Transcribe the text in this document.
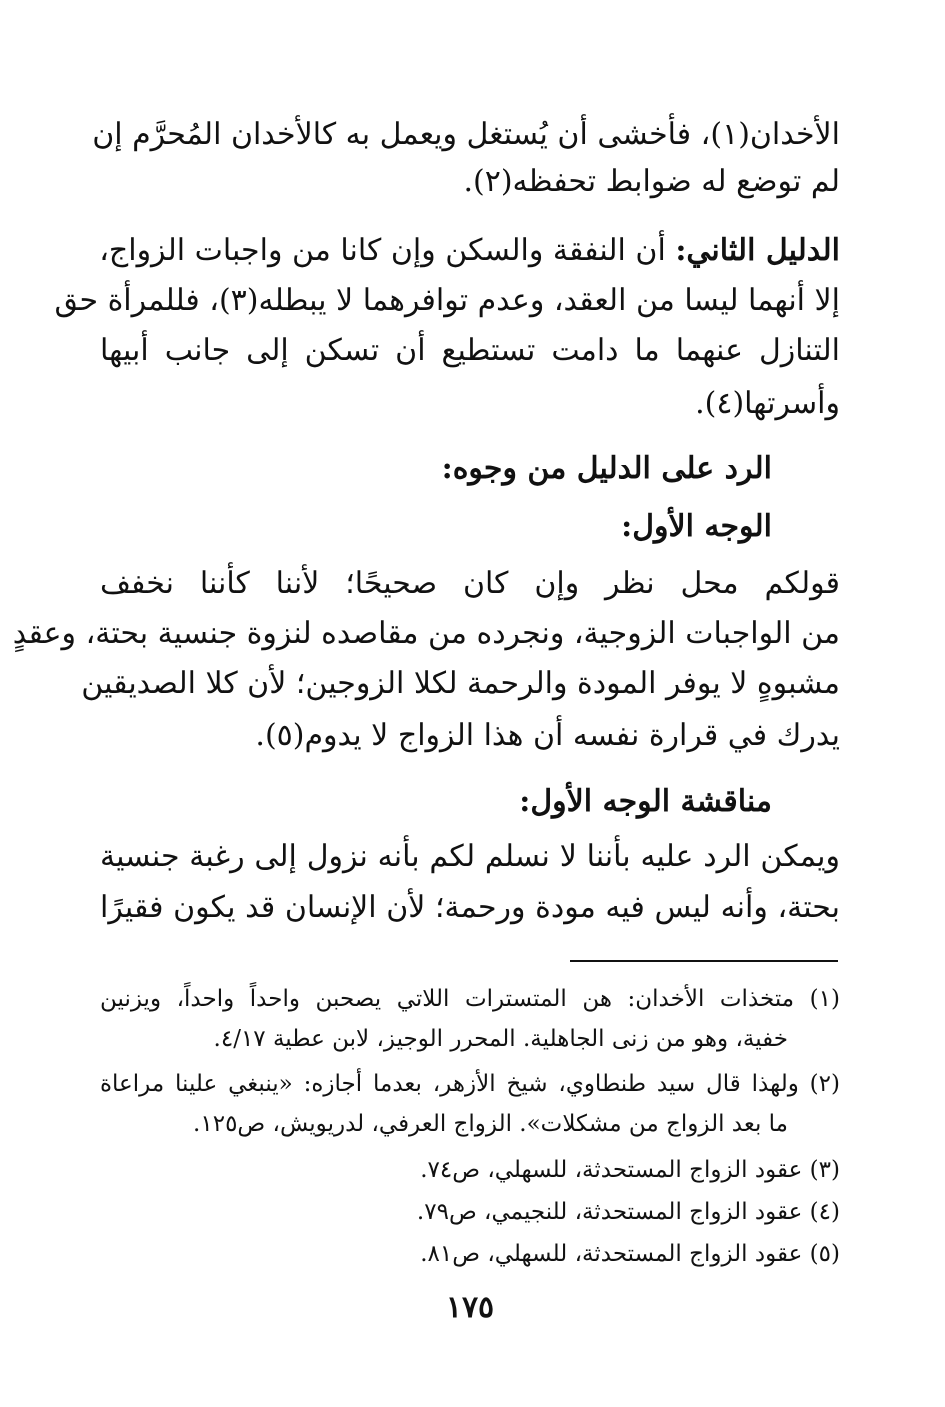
الأخدان(١)، فأخشى أن يُستغل ويعمل به كالأخدان المُحرَّم إن
لم توضع له ضوابط تحفظه(٢).
الدليل الثاني: أن النفقة والسكن وإن كانا من واجبات الزواج،
إلا أنهما ليسا من العقد، وعدم توافرهما لا يبطله(٣)، فللمرأة حق
التنازل عنهما ما دامت تستطيع أن تسكن إلى جانب أبيها
وأسرتها(٤).
الرد على الدليل من وجوه:
الوجه الأول:
قولكم محل نظر وإن كان صحيحًا؛ لأننا كأننا نخفف
من الواجبات الزوجية، ونجرده من مقاصده لنزوة جنسية بحتة، وعقدٍ
مشبوهٍ لا يوفر المودة والرحمة لكلا الزوجين؛ لأن كلا الصديقين
يدرك في قرارة نفسه أن هذا الزواج لا يدوم(٥).
مناقشة الوجه الأول:
ويمكن الرد عليه بأننا لا نسلم لكم بأنه نزول إلى رغبة جنسية
بحتة، وأنه ليس فيه مودة ورحمة؛ لأن الإنسان قد يكون فقيرًا
(١) متخذات الأخدان: هن المتسترات اللاتي يصحبن واحداً واحداً، ويزنين
خفية، وهو من زنى الجاهلية. المحرر الوجيز، لابن عطية ٤/١٧.
(٢) ولهذا قال سيد طنطاوي، شيخ الأزهر، بعدما أجازه: «ينبغي علينا مراعاة
ما بعد الزواج من مشكلات». الزواج العرفي، لدريويش، ص١٢٥.
(٣) عقود الزواج المستحدثة، للسهلي، ص٧٤.
(٤) عقود الزواج المستحدثة، للنجيمي، ص٧٩.
(٥) عقود الزواج المستحدثة، للسهلي، ص٨١.
١٧٥
